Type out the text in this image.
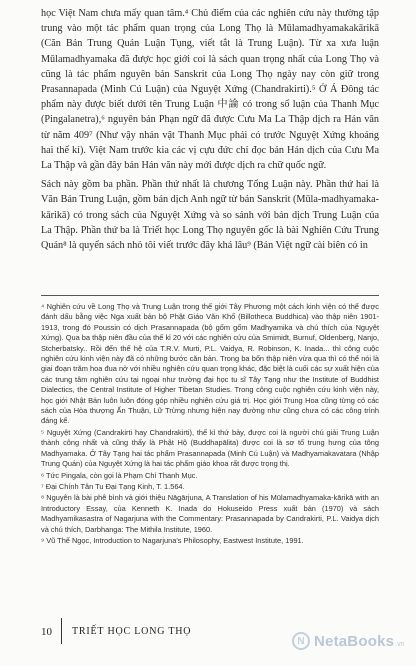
học Việt Nam chưa mấy quan tâm.⁴ Chủ điểm của các nghiên cứu này thường tập trung vào một tác phẩm quan trọng của Long Thọ là Mūlamadhyamakakārikā (Căn Bản Trung Quán Luận Tụng, viết tắt là Trung Luận). Từ xa xưa luận Mūlamadhyamaka đã được học giới coi là sách quan trọng nhất của Long Thọ và cũng là tác phẩm nguyên bản Sanskrit của Long Thọ ngày nay còn giữ trong Prasannapada (Minh Cú Luận) của Nguyệt Xứng (Chandrakirti).⁵ Ở Á Đông tác phẩm này được biết dưới tên Trung Luận 中論 có trong số luận của Thanh Mục (Pingalanetra),⁶ nguyên bản Phạn ngữ đã được Cưu Ma La Thập dịch ra Hán văn từ năm 409⁷ (Như vậy nhản vật Thanh Mục phải có trước Nguyệt Xứng khoảng hai thế kỉ). Việt Nam trước kia các vị cựu đức chỉ đọc bản Hán dịch của Cưu Ma La Thập và gần đây bản Hán văn này mới được dịch ra chữ quốc ngữ.

Sách này gồm ba phần. Phần thứ nhất là chương Tổng Luận này. Phần thứ hai là Văn Bản Trung Luận, gồm bản dịch Anh ngữ từ bản Sanskrit (Mūla-madhyamaka-kārikā) có trong sách của Nguyệt Xứng và so sánh với bản dịch Trung Luận của La Thập. Phần thứ ba là Triết học Long Thọ nguyên gốc là bài Nghiên Cứu Trung Quán⁸ là quyển sách nhỏ tôi viết trước đây khá lâu⁹ (Bản Việt ngữ cài biên có in

⁴ Nghiên cứu về Long Thọ và Trung Luận trong thế giới Tây Phương một cách kinh viện có thể được đánh dấu bằng việc Nga xuất bản bộ Phật Giáo Văn Khố (Billotheca Buddhica) vào thập niên 1901-1913, trong đó Poussin có dịch Prasannapada (bộ gốm gốm Madhyamika và chú thích của Nguyệt Xứng). Qua ba thập niên đầu của thế kỉ 20 với các nghiên cứu của Smimidt, Burnuf, Oldenberg, Nanjo, Stcherbatsky.. Rồi đến thế hệ của T.R.V. Murti, P.L. Vaidya, R. Robinson, K. Inada... thì công cuộc nghiên cứu kinh viện này đã có những bước căn bản. Trong ba bốn thập niên vừa qua thì có thể nói là giai đoạn trăm hoa đua nở với nhiều nghiên cứu quan trọng khác, đặc biệt là cuối các sự xuất hiện của các trung tâm nghiên cứu tại ngoại như trường đại học tu sĩ Tây Tạng như the Institute of Buddhist Dialectics, the Central Institute of Higher Tibetan Studies. Trong công cuộc nghiên cứu kinh viện này, học giới Nhật Bản luôn luôn đóng góp nhiều nghiên cứu giá trị. Học giới Trung Hoa cũng từng có các sách của Hòa thượng Ấn Thuận, Lữ Trừng nhưng hiện nay đường như cũng chưa có các công trình đáng kể.

⁵ Nguyệt Xứng (Candrakirti hay Chandrakirti), thế kỉ thứ bảy, được coi là người chú giải Trung Luận thành công nhất và cũng thấy là Phật Hộ (Buddhapālita) được coi là sơ tổ trung hưng của tông Madhyamaka. Ở Tây Tạng hai tác phẩm Prasannapada (Minh Cú Luận) và Madhyamakavatara (Nhập Trung Quán) của Nguyệt Xứng là hai tác phẩm giáo khoa rất được trọng thị.

⁶ Tức Pingala, còn gọi là Phạm Chí Thanh Mục.

⁷ Đại Chính Tân Tu Đại Tạng Kinh, T. 1.564.

⁸ Nguyên là bài phê bình và giới thiệu Nāgārjuna, A Translation of his Mūlamadhyamaka-kārikā with an Introductory Essay, của Kenneth K. Inada do Hokuseido Press xuất bản (1970) và sách Madhyamikasastra of Nagarjuna with the Commentary: Prasannapada by Candrakirti, P.L. Vaidya dịch và chú thích, Darbhanga: The Mithila Institute, 1960.

⁹ Vũ Thế Ngọc, Introduction to Nagarjuna's Philosophy, Eastwest Institute, 1991.

10 TRIẾT HỌC LONG THỌ
N NetaBooks .vn
